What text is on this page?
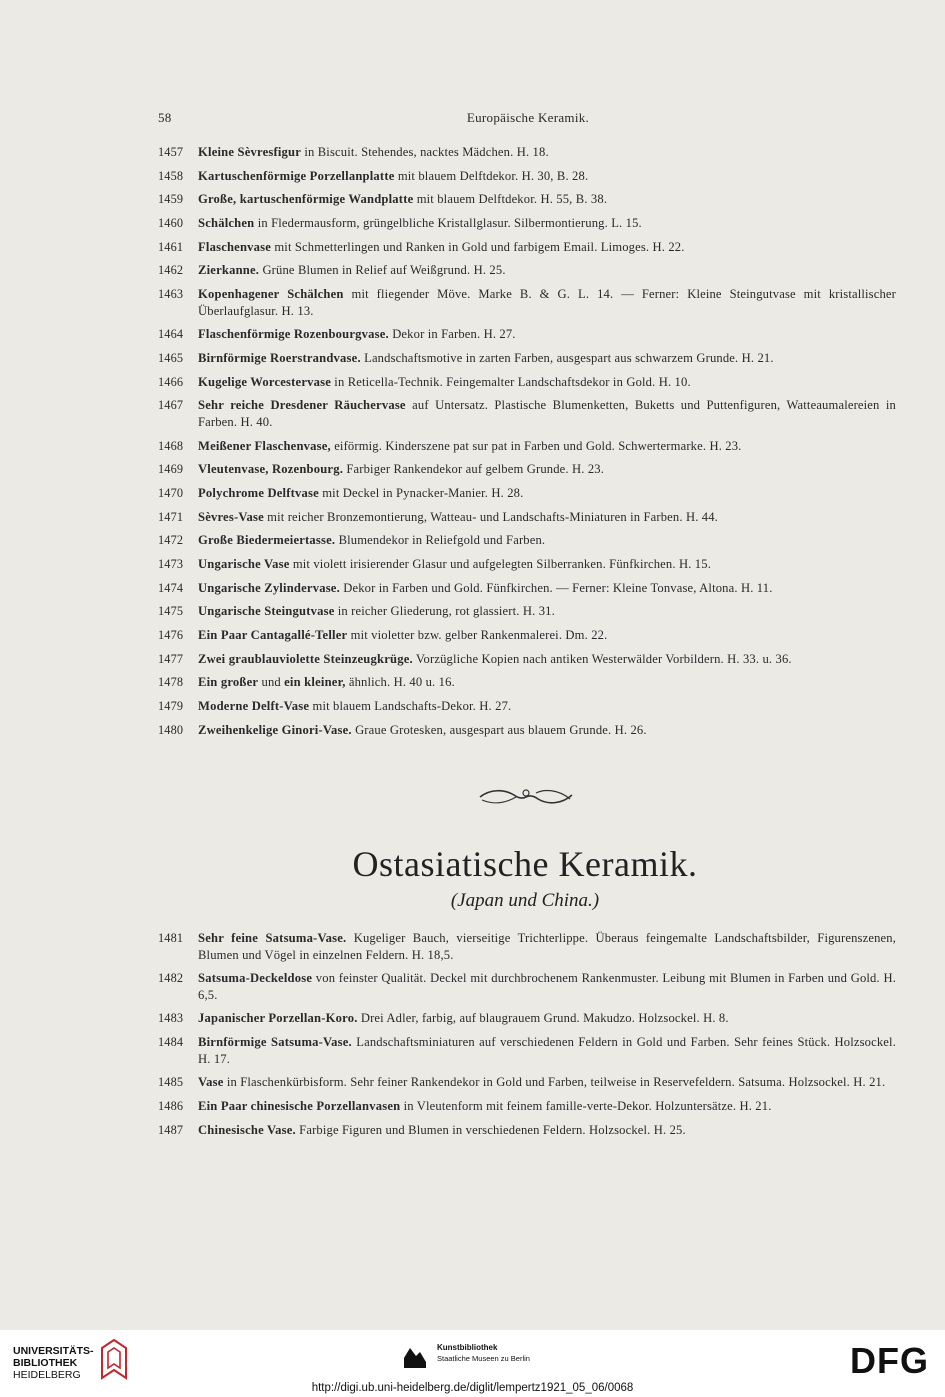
58	Europäische Keramik.
1457 Kleine Sèvresfigur in Biscuit. Stehendes, nacktes Mädchen. H. 18.
1458 Kartuschenförmige Porzellanplatte mit blauem Delftdekor. H. 30, B. 28.
1459 Große, kartuschenförmige Wandplatte mit blauem Delftdekor. H. 55, B. 38.
1460 Schälchen in Fledermausform, grüngelbliche Kristallglasur. Silbermontierung. L. 15.
1461 Flaschenvase mit Schmetterlingen und Ranken in Gold und farbigem Email. Limoges. H. 22.
1462 Zierkanne. Grüne Blumen in Relief auf Weißgrund. H. 25.
1463 Kopenhagener Schälchen mit fliegender Möve. Marke B. & G. L. 14. — Ferner: Kleine Steingutvase mit kristallischer Überlaufglasur. H. 13.
1464 Flaschenförmige Rozenbourgvase. Dekor in Farben. H. 27.
1465 Birnförmige Roerstrandvase. Landschaftsmotive in zarten Farben, ausgespart aus schwarzem Grunde. H. 21.
1466 Kugelige Worcestervase in Reticella-Technik. Feingemalter Landschaftsdekor in Gold. H. 10.
1467 Sehr reiche Dresdener Räuchervase auf Untersatz. Plastische Blumenketten, Buketts und Puttenfiguren, Watteaumalereien in Farben. H. 40.
1468 Meißener Flaschenvase, eiförmig. Kinderszene pat sur pat in Farben und Gold. Schwertermarke. H. 23.
1469 Vleutenvase, Rozenbourg. Farbiger Rankendekor auf gelbem Grunde. H. 23.
1470 Polychrome Delftvase mit Deckel in Pynacker-Manier. H. 28.
1471 Sèvres-Vase mit reicher Bronzemontierung, Watteau- und Landschafts-Miniaturen in Farben. H. 44.
1472 Große Biedermeiertasse. Blumendekor in Reliefgold und Farben.
1473 Ungarische Vase mit violett irisierender Glasur und aufgelegten Silberranken. Fünfkirchen. H. 15.
1474 Ungarische Zylindervase. Dekor in Farben und Gold. Fünfkirchen. — Ferner: Kleine Tonvase, Altona. H. 11.
1475 Ungarische Steingutvase in reicher Gliederung, rot glassiert. H. 31.
1476 Ein Paar Cantagallé-Teller mit violetter bzw. gelber Rankenmalerei. Dm. 22.
1477 Zwei graublauviolette Steinzeugkrüge. Vorzügliche Kopien nach antiken Westerwälder Vorbildern. H. 33. u. 36.
1478 Ein großer und ein kleiner, ähnlich. H. 40 u. 16.
1479 Moderne Delft-Vase mit blauem Landschafts-Dekor. H. 27.
1480 Zweihenkelige Ginori-Vase. Graue Grotesken, ausgespart aus blauem Grunde. H. 26.
Ostasiatische Keramik.
(Japan und China.)
1481 Sehr feine Satsuma-Vase. Kugeliger Bauch, vierseitige Trichterlippe. Überaus feingemalte Landschaftsbilder, Figurenszenen, Blumen und Vögel in einzelnen Feldern. H. 18,5.
1482 Satsuma-Deckeldose von feinster Qualität. Deckel mit durchbrochenem Rankenmuster. Leibung mit Blumen in Farben und Gold. H. 6,5.
1483 Japanischer Porzellan-Koro. Drei Adler, farbig, auf blaugrauem Grund. Makudzo. Holzsockel. H. 8.
1484 Birnförmige Satsuma-Vase. Landschaftsminiaturen auf verschiedenen Feldern in Gold und Farben. Sehr feines Stück. Holzsockel. H. 17.
1485 Vase in Flaschenkürbisform. Sehr feiner Rankendekor in Gold und Farben, teilweise in Reservefeldern. Satsuma. Holzsockel. H. 21.
1486 Ein Paar chinesische Porzellanvasen in Vleutenform mit feinem famille-verte-Dekor. Holzuntersätze. H. 21.
1487 Chinesische Vase. Farbige Figuren und Blumen in verschiedenen Feldern. Holzsockel. H. 25.
UNIVERSITÄTS-
BIBLIOTHEK
HEIDELBERG
Kunstbibliothek
Staatliche Museen zu Berlin	DFG
http://digi.ub.uni-heidelberg.de/diglit/lempertz1921_05_06/0068
